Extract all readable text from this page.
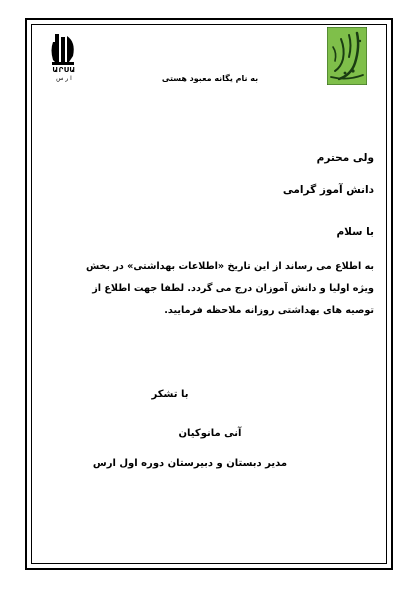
ԱՐՍԱ
ا ر س	به نام یگانه معبود هستی
ولی محترم
دانش آموز گرامی
با سلام
به اطلاع می رساند از این تاریخ «اطلاعات بهداشتی» در بخش
ویژه اولیا و دانش آموزان درج می گردد. لطفا جهت اطلاع از
توصیه های بهداشتی روزانه ملاحظه فرمایید.
با تشکر
آنی مانوکیان
مدیر دبستان و دبیرستان دوره اول ارس
